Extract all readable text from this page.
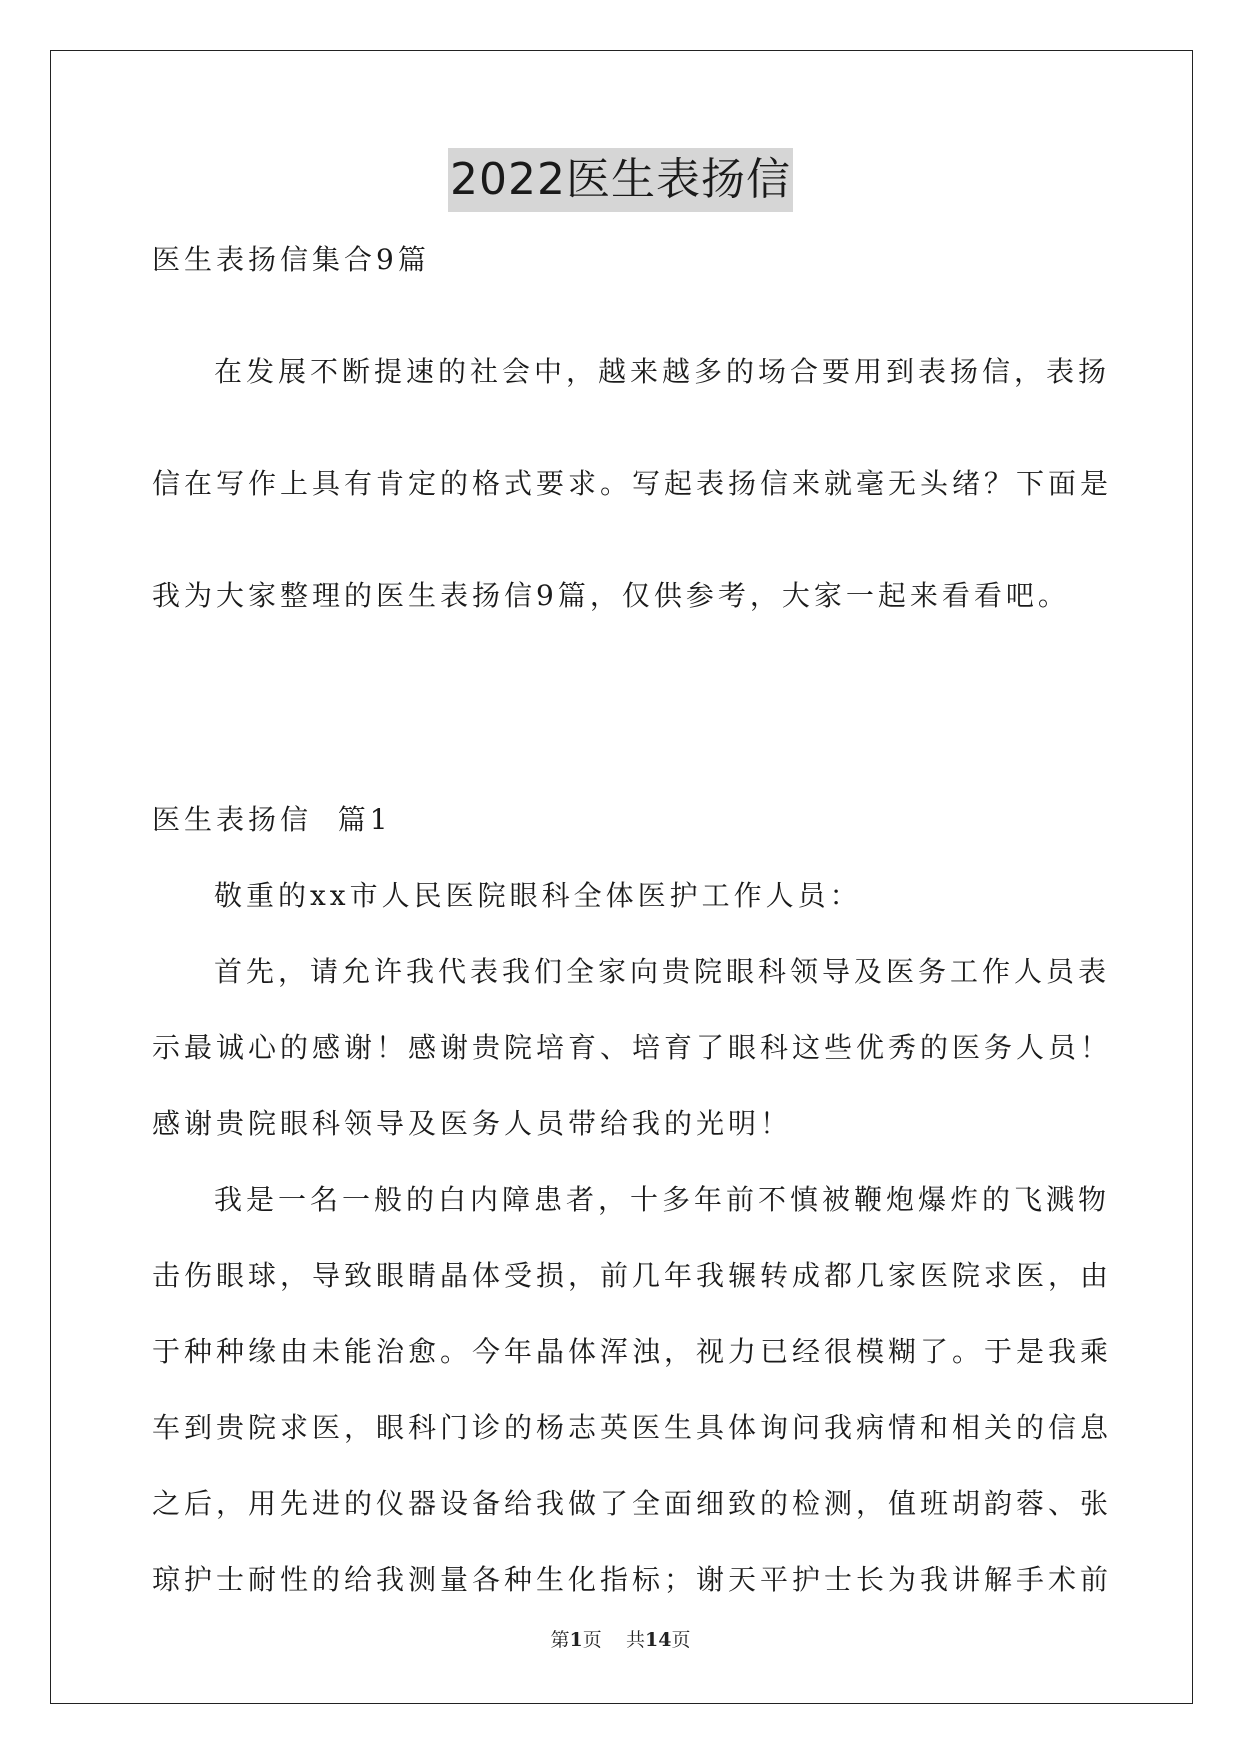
2022医生表扬信
医生表扬信集合9篇
在发展不断提速的社会中，越来越多的场合要用到表扬信，表扬
信在写作上具有肯定的格式要求。写起表扬信来就毫无头绪？下面是
我为大家整理的医生表扬信9篇，仅供参考，大家一起来看看吧。
医生表扬信  篇1
敬重的xx市人民医院眼科全体医护工作人员：
首先，请允许我代表我们全家向贵院眼科领导及医务工作人员表
示最诚心的感谢！感谢贵院培育、培育了眼科这些优秀的医务人员！
感谢贵院眼科领导及医务人员带给我的光明！
我是一名一般的白内障患者，十多年前不慎被鞭炮爆炸的飞溅物
击伤眼球，导致眼睛晶体受损，前几年我辗转成都几家医院求医，由
于种种缘由未能治愈。今年晶体浑浊，视力已经很模糊了。于是我乘
车到贵院求医，眼科门诊的杨志英医生具体询问我病情和相关的信息
之后，用先进的仪器设备给我做了全面细致的检测，值班胡韵蓉、张
琼护士耐性的给我测量各种生化指标；谢天平护士长为我讲解手术前
第1页 共14页
